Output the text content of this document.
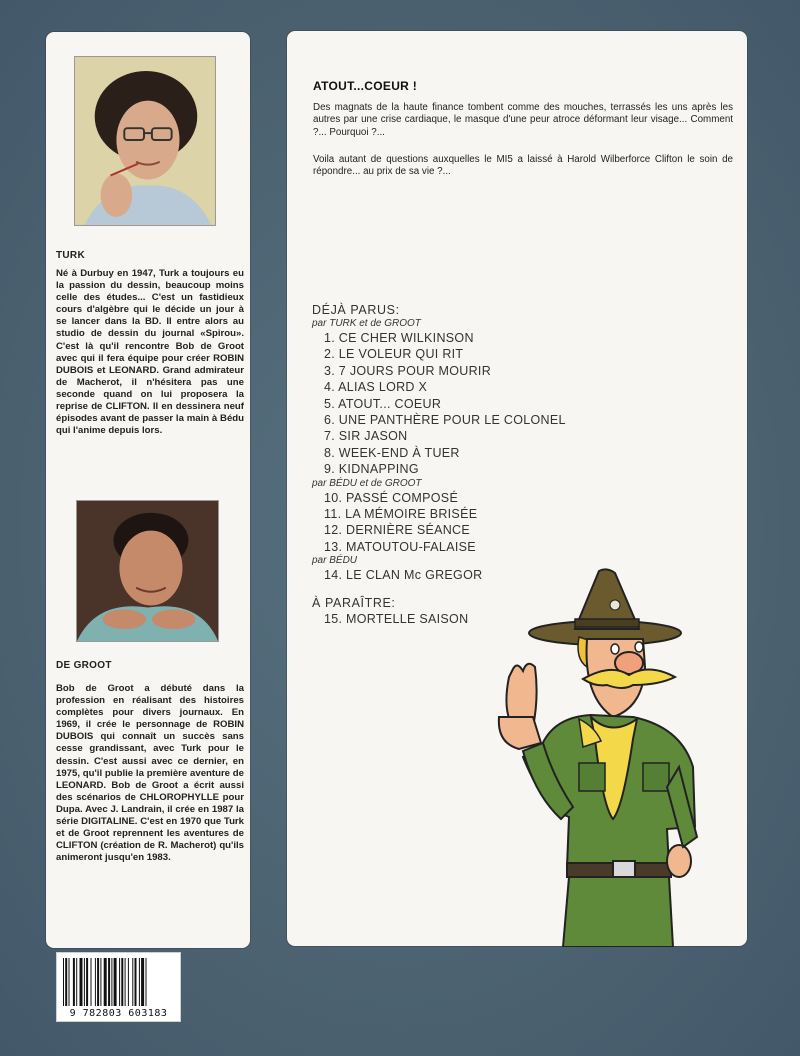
TURK
Né à Durbuy en 1947, Turk a toujours eu la passion du dessin, beaucoup moins celle des études... C'est un fastidieux cours d'algèbre qui le décide un jour à se lancer dans la BD. Il entre alors au studio de dessin du journal «Spirou». C'est là qu'il rencontre Bob de Groot avec qui il fera équipe pour créer ROBIN DUBOIS et LEONARD. Grand admirateur de Macherot, il n'hésitera pas une seconde quand on lui proposera la reprise de CLIFTON. Il en dessinera neuf épisodes avant de passer la main à Bédu qui l'anime depuis lors.
DE GROOT
Bob de Groot a débuté dans la profession en réalisant des histoires complètes pour divers journaux. En 1969, il crée le personnage de ROBIN DUBOIS qui connaît un succès sans cesse grandissant, avec Turk pour le dessin. C'est aussi avec ce dernier, en 1975, qu'il publie la première aventure de LEONARD. Bob de Groot a écrit aussi des scénarios de CHLOROPHYLLE pour Dupa. Avec J. Landrain, il crée en 1987 la série DIGITALINE. C'est en 1970 que Turk et de Groot reprennent les aventures de CLIFTON (création de R. Macherot) qu'ils animeront jusqu'en 1983.
9 782803 603183
ATOUT...COEUR !
Des magnats de la haute finance tombent comme des mouches, terrassés les uns après les autres par une crise cardiaque, le masque d'une peur atroce déformant leur visage... Comment ?... Pourquoi ?...
Voila autant de questions auxquelles le MI5 a laissé à Harold Wilberforce Clifton le soin de répondre... au prix de sa vie ?...
DÉJÀ PARUS:
par TURK et de GROOT
1. CE CHER WILKINSON
2. LE VOLEUR QUI RIT
3. 7 JOURS POUR MOURIR
4. ALIAS LORD X
5. ATOUT... COEUR
6. UNE PANTHÈRE POUR LE COLONEL
7. SIR JASON
8. WEEK-END À TUER
9. KIDNAPPING
par BÉDU et de GROOT
10. PASSÉ COMPOSÉ
11. LA MÉMOIRE BRISÉE
12. DERNIÈRE SÉANCE
13. MATOUTOU-FALAISE
par BÉDU
14. LE CLAN Mc GREGOR
À PARAÎTRE:
15. MORTELLE SAISON
